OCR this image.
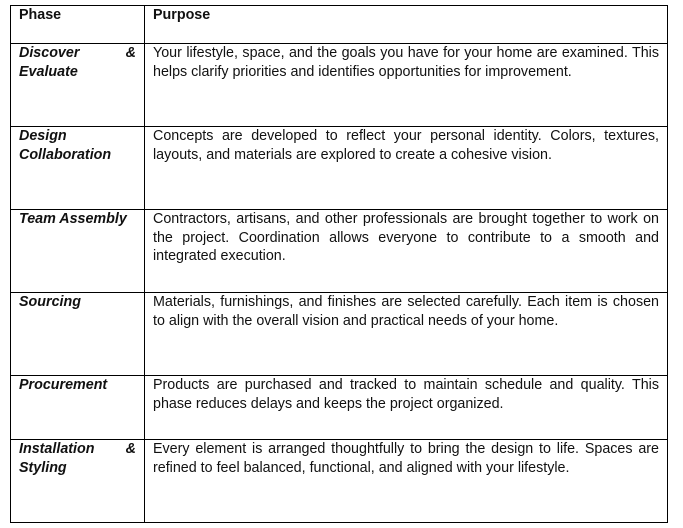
Phase	Purpose
Discover & Evaluate	Your lifestyle, space, and the goals you have for your home are examined. This helps clarify priorities and identifies opportunities for improvement.
Design Collaboration	Concepts are developed to reflect your personal identity. Colors, textures, layouts, and materials are explored to create a cohesive vision.
Team Assembly	Contractors, artisans, and other professionals are brought together to work on the project. Coordination allows everyone to contribute to a smooth and integrated execution.
Sourcing	Materials, furnishings, and finishes are selected carefully. Each item is chosen to align with the overall vision and practical needs of your home.
Procurement	Products are purchased and tracked to maintain schedule and quality. This phase reduces delays and keeps the project organized.
Installation & Styling	Every element is arranged thoughtfully to bring the design to life. Spaces are refined to feel balanced, functional, and aligned with your lifestyle.
